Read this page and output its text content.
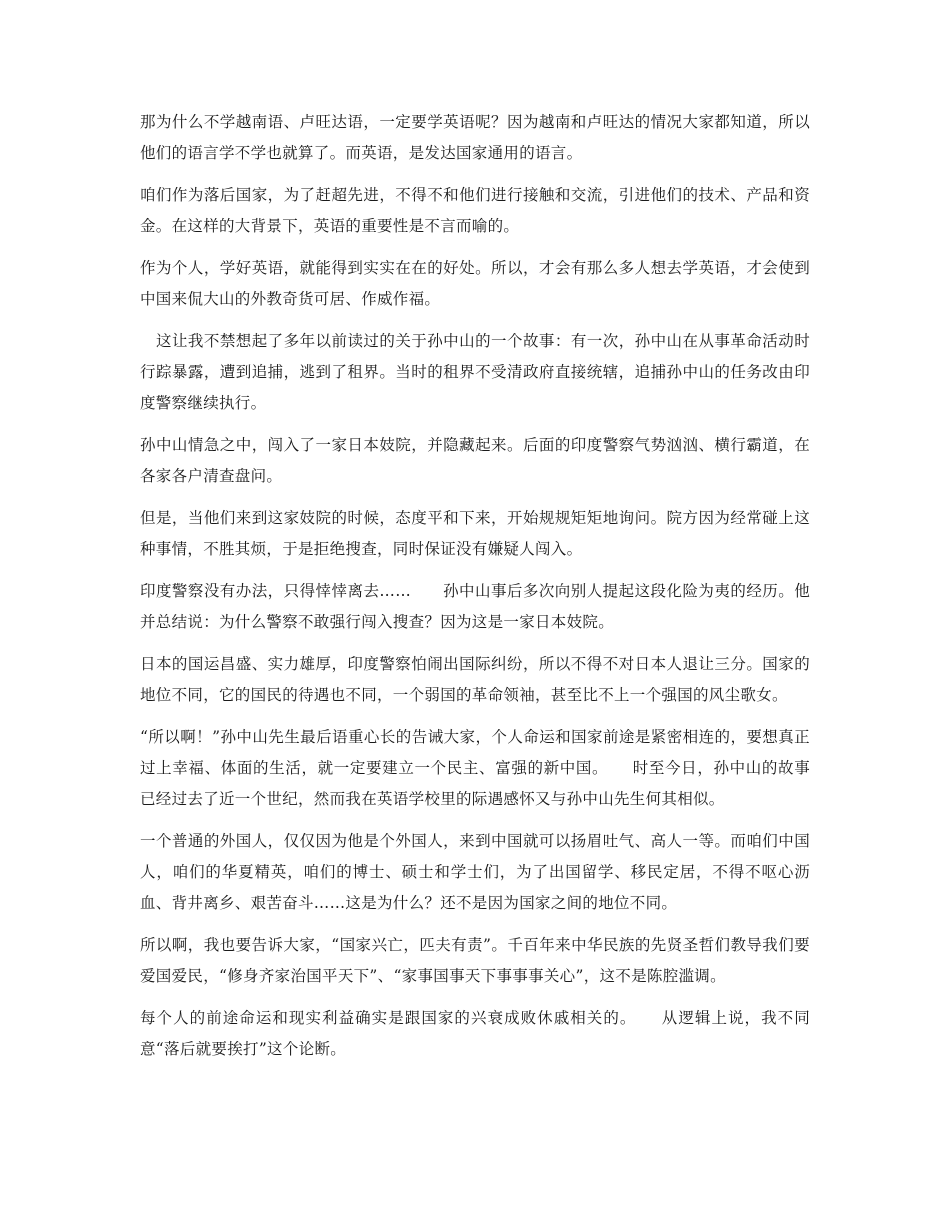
那为什么不学越南语、卢旺达语，一定要学英语呢？因为越南和卢旺达的情况大家都知道，所以他们的语言学不学也就算了。而英语，是发达国家通用的语言。

咱们作为落后国家，为了赶超先进，不得不和他们进行接触和交流，引进他们的技术、产品和资金。在这样的大背景下，英语的重要性是不言而喻的。

作为个人，学好英语，就能得到实实在在的好处。所以，才会有那么多人想去学英语，才会使到中国来侃大山的外教奇货可居、作威作福。

这让我不禁想起了多年以前读过的关于孙中山的一个故事：有一次，孙中山在从事革命活动时行踪暴露，遭到追捕，逃到了租界。当时的租界不受清政府直接统辖，追捕孙中山的任务改由印度警察继续执行。

孙中山情急之中，闯入了一家日本妓院，并隐藏起来。后面的印度警察气势汹汹、横行霸道，在各家各户清查盘问。

但是，当他们来到这家妓院的时候，态度平和下来，开始规规矩矩地询问。院方因为经常碰上这种事情，不胜其烦，于是拒绝搜查，同时保证没有嫌疑人闯入。

印度警察没有办法，只得悻悻离去……　　孙中山事后多次向别人提起这段化险为夷的经历。他并总结说：为什么警察不敢强行闯入搜查？因为这是一家日本妓院。

日本的国运昌盛、实力雄厚，印度警察怕闹出国际纠纷，所以不得不对日本人退让三分。国家的地位不同，它的国民的待遇也不同，一个弱国的革命领袖，甚至比不上一个强国的风尘歌女。

“所以啊！”孙中山先生最后语重心长的告诫大家，个人命运和国家前途是紧密相连的，要想真正过上幸福、体面的生活，就一定要建立一个民主、富强的新中国。　　时至今日，孙中山的故事已经过去了近一个世纪，然而我在英语学校里的际遇感怀又与孙中山先生何其相似。

一个普通的外国人，仅仅因为他是个外国人，来到中国就可以扬眉吐气、高人一等。而咱们中国人，咱们的华夏精英，咱们的博士、硕士和学士们，为了出国留学、移民定居，不得不呕心沥血、背井离乡、艰苦奋斗……这是为什么？还不是因为国家之间的地位不同。

所以啊，我也要告诉大家，“国家兴亡，匹夫有责”。千百年来中华民族的先贤圣哲们教导我们要爱国爱民，“修身齐家治国平天下”、“家事国事天下事事事关心”，这不是陈腔滥调。

每个人的前途命运和现实利益确实是跟国家的兴衰成败休戚相关的。　　从逻辑上说，我不同意“落后就要挨打”这个论断。
